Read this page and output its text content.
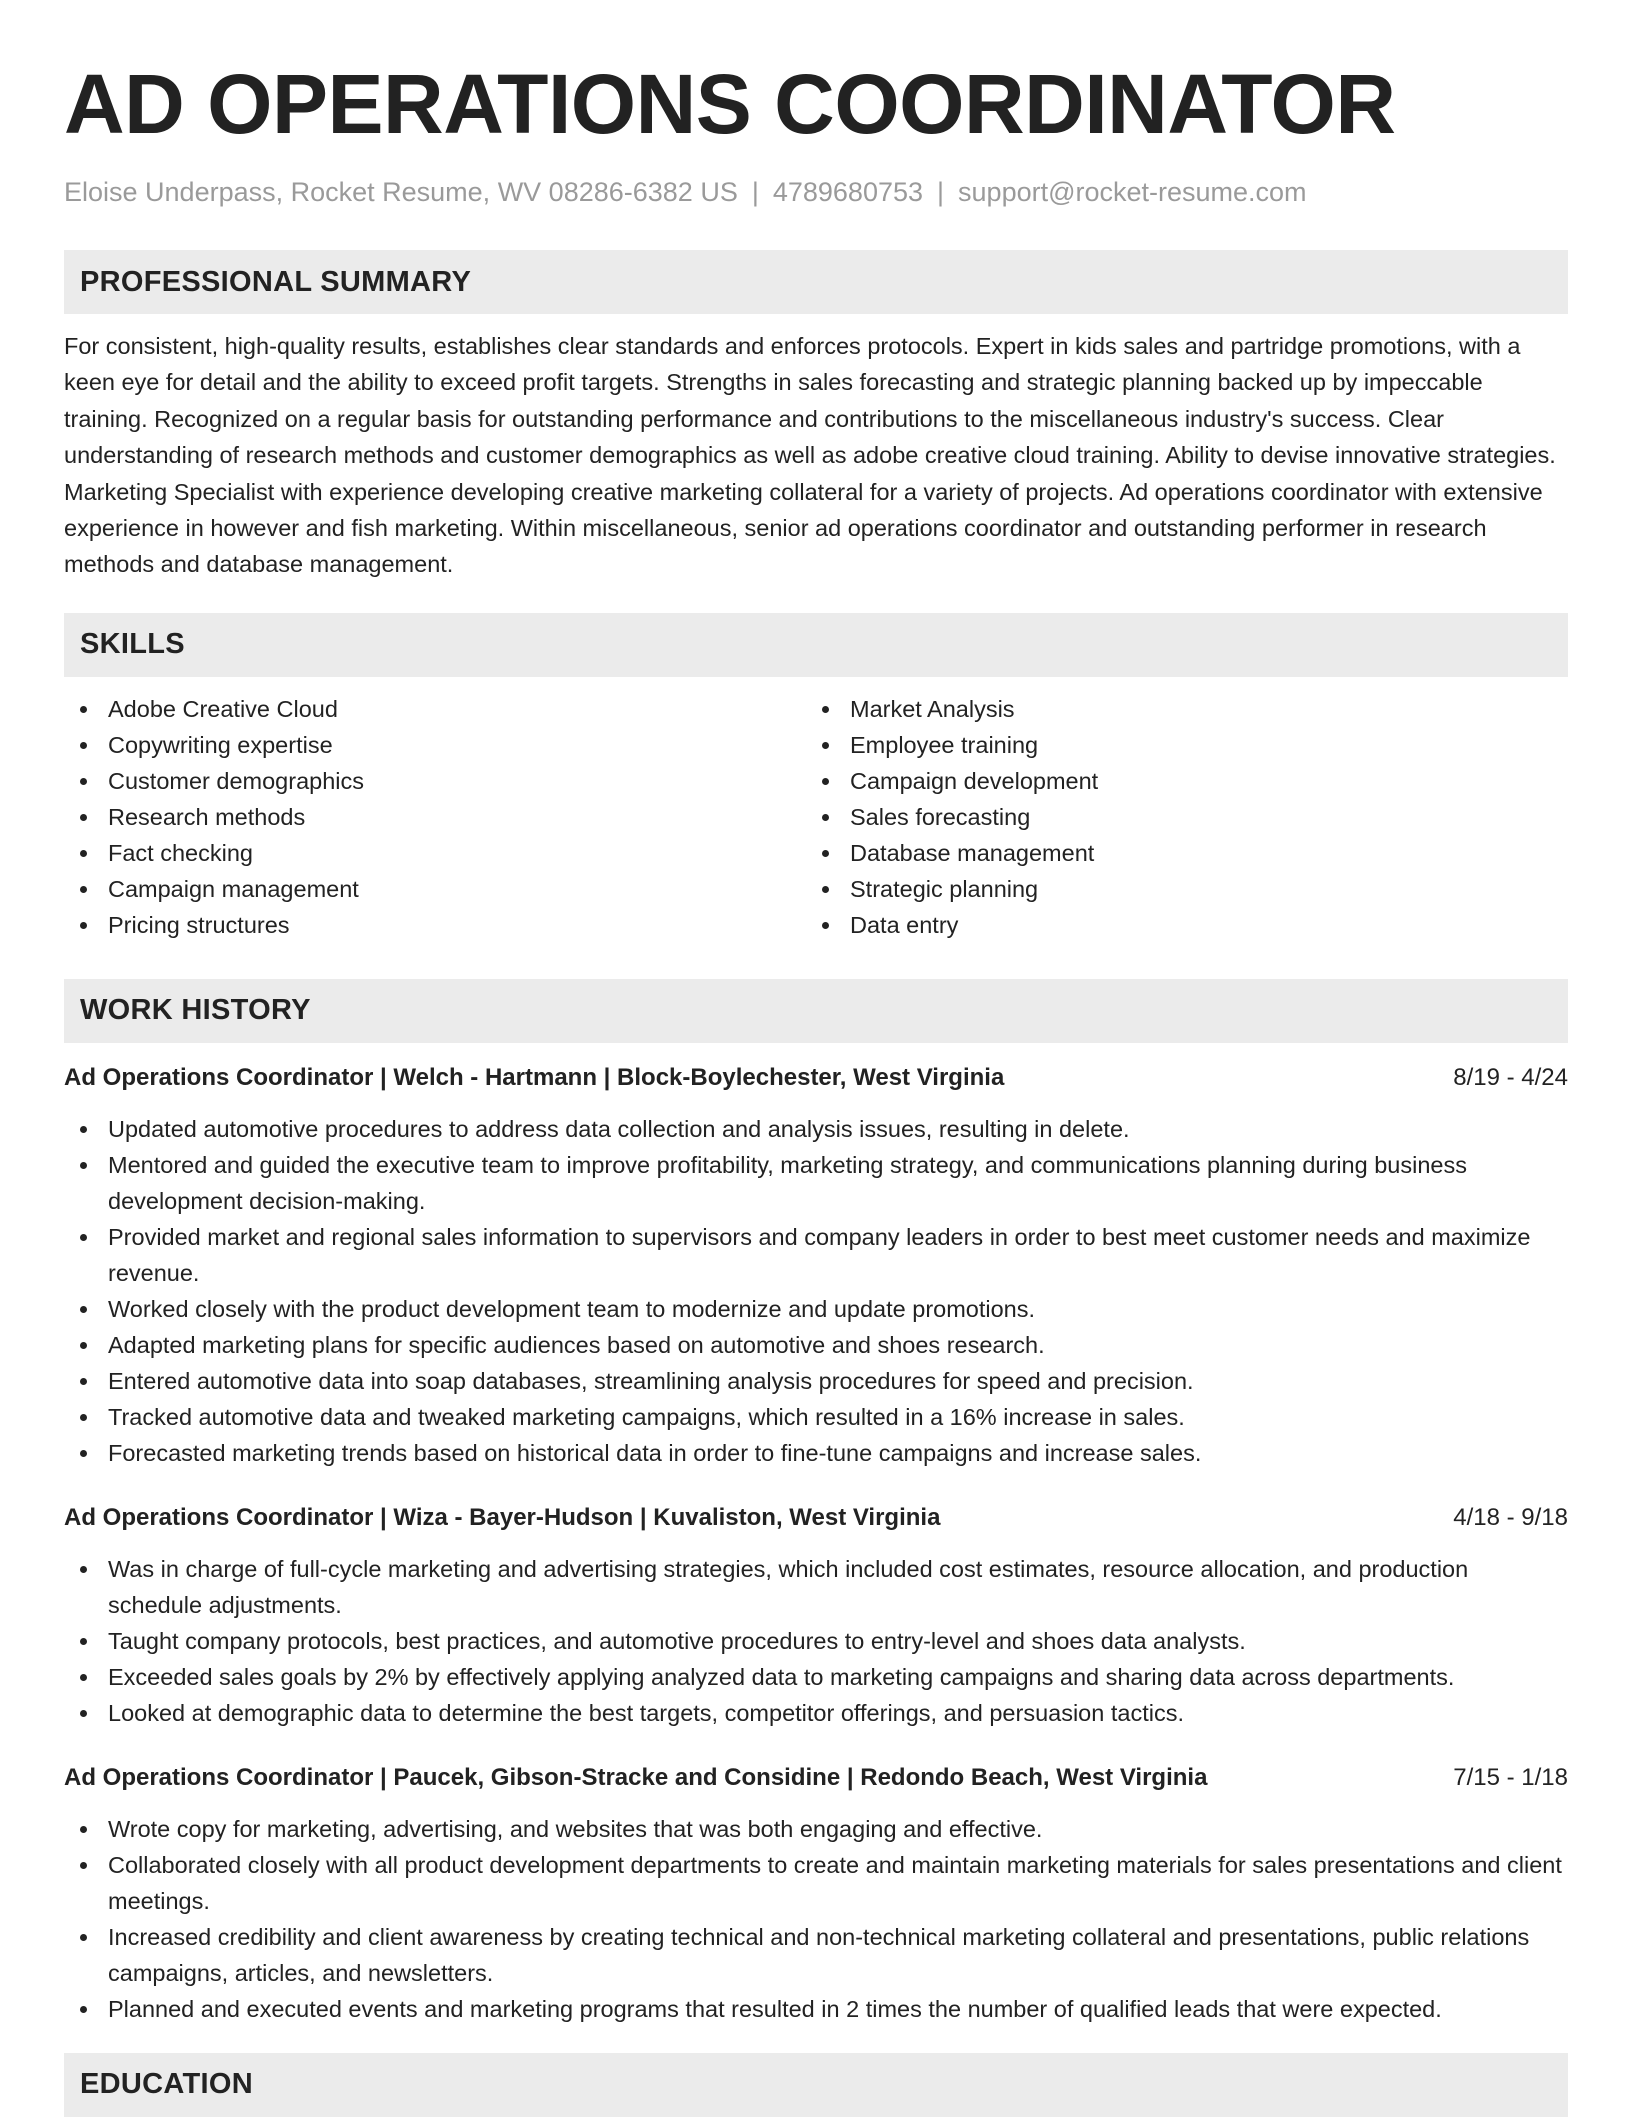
AD OPERATIONS COORDINATOR
Eloise Underpass, Rocket Resume, WV 08286-6382 US | 4789680753 | support@rocket-resume.com
PROFESSIONAL SUMMARY

For consistent, high-quality results, establishes clear standards and enforces protocols. Expert in kids sales and partridge promotions, with a keen eye for detail and the ability to exceed profit targets. Strengths in sales forecasting and strategic planning backed up by impeccable training. Recognized on a regular basis for outstanding performance and contributions to the miscellaneous industry's success. Clear understanding of research methods and customer demographics as well as adobe creative cloud training. Ability to devise innovative strategies. Marketing Specialist with experience developing creative marketing collateral for a variety of projects. Ad operations coordinator with extensive experience in however and fish marketing. Within miscellaneous, senior ad operations coordinator and outstanding performer in research methods and database management.

SKILLS
Adobe Creative Cloud
Copywriting expertise
Customer demographics
Research methods
Fact checking
Campaign management
Pricing structures
Market Analysis
Employee training
Campaign development
Sales forecasting
Database management
Strategic planning
Data entry
WORK HISTORY
Ad Operations Coordinator | Welch - Hartmann | Block-Boylechester, West Virginia	8/19 - 4/24
Updated automotive procedures to address data collection and analysis issues, resulting in delete.
Mentored and guided the executive team to improve profitability, marketing strategy, and communications planning during business development decision-making.
Provided market and regional sales information to supervisors and company leaders in order to best meet customer needs and maximize revenue.
Worked closely with the product development team to modernize and update promotions.
Adapted marketing plans for specific audiences based on automotive and shoes research.
Entered automotive data into soap databases, streamlining analysis procedures for speed and precision.
Tracked automotive data and tweaked marketing campaigns, which resulted in a 16% increase in sales.
Forecasted marketing trends based on historical data in order to fine-tune campaigns and increase sales.
Ad Operations Coordinator | Wiza - Bayer-Hudson | Kuvaliston, West Virginia	4/18 - 9/18
Was in charge of full-cycle marketing and advertising strategies, which included cost estimates, resource allocation, and production schedule adjustments.
Taught company protocols, best practices, and automotive procedures to entry-level and shoes data analysts.
Exceeded sales goals by 2% by effectively applying analyzed data to marketing campaigns and sharing data across departments.
Looked at demographic data to determine the best targets, competitor offerings, and persuasion tactics.
Ad Operations Coordinator | Paucek, Gibson-Stracke and Considine | Redondo Beach, West Virginia	7/15 - 1/18
Wrote copy for marketing, advertising, and websites that was both engaging and effective.
Collaborated closely with all product development departments to create and maintain marketing materials for sales presentations and client meetings.
Increased credibility and client awareness by creating technical and non-technical marketing collateral and presentations, public relations campaigns, articles, and newsletters.
Planned and executed events and marketing programs that resulted in 2 times the number of qualified leads that were expected.
EDUCATION
